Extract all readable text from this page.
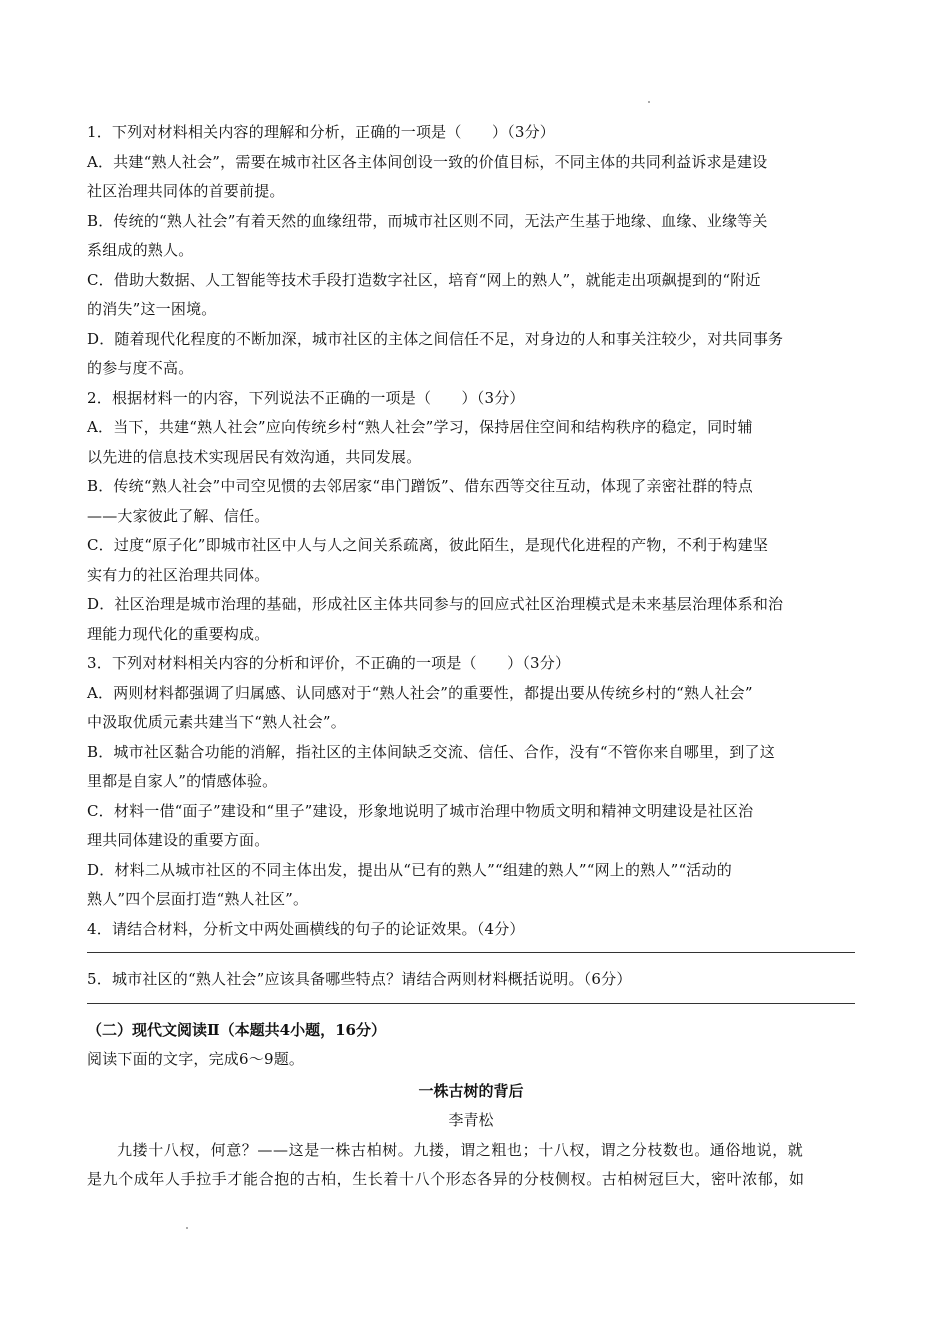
1．下列对材料相关内容的理解和分析，正确的一项是（　　）（3分）
A．共建“熟人社会”，需要在城市社区各主体间创设一致的价值目标，不同主体的共同利益诉求是建设
社区治理共同体的首要前提。
B．传统的“熟人社会”有着天然的血缘纽带，而城市社区则不同，无法产生基于地缘、血缘、业缘等关
系组成的熟人。
C．借助大数据、人工智能等技术手段打造数字社区，培育“网上的熟人”，就能走出项飙提到的“附近
的消失”这一困境。
D．随着现代化程度的不断加深，城市社区的主体之间信任不足，对身边的人和事关注较少，对共同事务
的参与度不高。
2．根据材料一的内容，下列说法不正确的一项是（　　）（3分）
A．当下，共建“熟人社会”应向传统乡村“熟人社会”学习，保持居住空间和结构秩序的稳定，同时辅
以先进的信息技术实现居民有效沟通，共同发展。
B．传统“熟人社会”中司空见惯的去邻居家“串门蹭饭”、借东西等交往互动，体现了亲密社群的特点
——大家彼此了解、信任。
C．过度“原子化”即城市社区中人与人之间关系疏离，彼此陌生，是现代化进程的产物，不利于构建坚
实有力的社区治理共同体。
D．社区治理是城市治理的基础，形成社区主体共同参与的回应式社区治理模式是未来基层治理体系和治
理能力现代化的重要构成。
3．下列对材料相关内容的分析和评价，不正确的一项是（　　）（3分）
A．两则材料都强调了归属感、认同感对于“熟人社会”的重要性，都提出要从传统乡村的“熟人社会”
中汲取优质元素共建当下“熟人社会”。
B．城市社区黏合功能的消解，指社区的主体间缺乏交流、信任、合作，没有“不管你来自哪里，到了这
里都是自家人”的情感体验。
C．材料一借“面子”建设和“里子”建设，形象地说明了城市治理中物质文明和精神文明建设是社区治
理共同体建设的重要方面。
D．材料二从城市社区的不同主体出发，提出从“已有的熟人”“组建的熟人”“网上的熟人”“活动的
熟人”四个层面打造“熟人社区”。
4．请结合材料，分析文中两处画横线的句子的论证效果。（4分）
5．城市社区的“熟人社会”应该具备哪些特点？请结合两则材料概括说明。（6分）
（二）现代文阅读Ⅱ（本题共4小题，16分）
阅读下面的文字，完成6～9题。
一株古树的背后
李青松
九搂十八杈，何意？——这是一株古柏树。九搂，谓之粗也；十八杈，谓之分枝数也。通俗地说，就
是九个成年人手拉手才能合抱的古柏，生长着十八个形态各异的分枝侧杈。古柏树冠巨大，密叶浓郁，如
